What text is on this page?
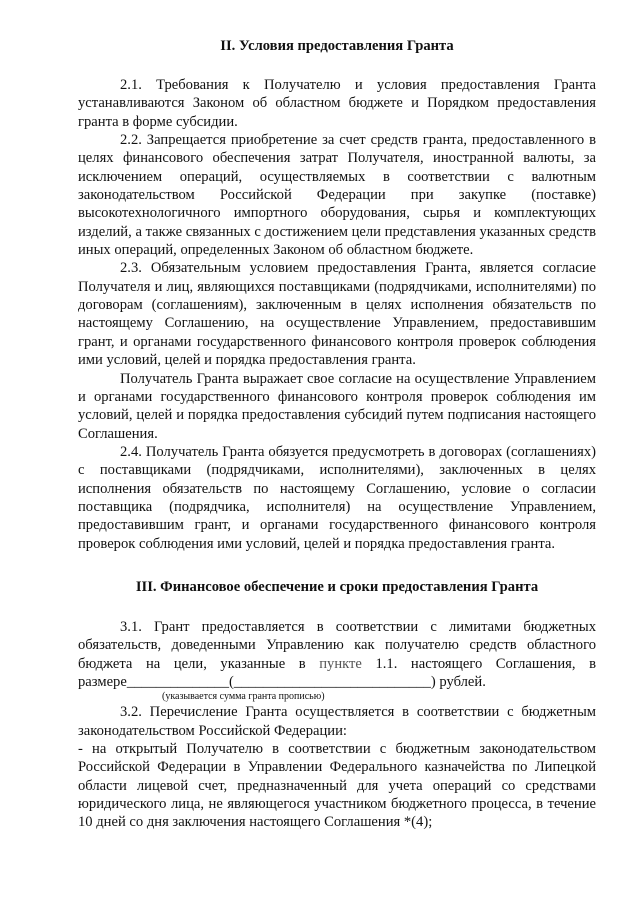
II. Условия предоставления Гранта

2.1. Требования к Получателю и условия предоставления Гранта устанавливаются Законом об областном бюджете и Порядком предоставления гранта в форме субсидии.

2.2. Запрещается приобретение за счет средств гранта, предоставленного в целях финансового обеспечения затрат Получателя, иностранной валюты, за исключением операций, осуществляемых в соответствии с валютным законодательством Российской Федерации при закупке (поставке) высокотехнологичного импортного оборудования, сырья и комплектующих изделий, а также связанных с достижением цели представления указанных средств иных операций, определенных Законом об областном бюджете.

2.3. Обязательным условием предоставления Гранта, является согласие Получателя и лиц, являющихся поставщиками (подрядчиками, исполнителями) по договорам (соглашениям), заключенным в целях исполнения обязательств по настоящему Соглашению, на осуществление Управлением, предоставившим грант, и органами государственного финансового контроля проверок соблюдения ими условий, целей и порядка предоставления гранта.

Получатель Гранта выражает свое согласие на осуществление Управлением и органами государственного финансового контроля проверок соблюдения им условий, целей и порядка предоставления субсидий путем подписания настоящего Соглашения.

2.4. Получатель Гранта обязуется предусмотреть в договорах (соглашениях) с поставщиками (подрядчиками, исполнителями), заключенных в целях исполнения обязательств по настоящему Соглашению, условие о согласии поставщика (подрядчика, исполнителя) на осуществление Управлением, предоставившим грант, и органами государственного финансового контроля проверок соблюдения ими условий, целей и порядка предоставления гранта.

III. Финансовое обеспечение и сроки предоставления Гранта

3.1. Грант предоставляется в соответствии с лимитами бюджетных обязательств, доведенными Управлению как получателю средств областного бюджета на цели, указанные в пункте 1.1. настоящего Соглашения, в размере______________(___________________________) рублей.

(указывается сумма гранта прописью)

3.2. Перечисление Гранта осуществляется в соответствии с бюджетным законодательством Российской Федерации:

- на открытый Получателю в соответствии с бюджетным законодательством Российской Федерации в Управлении Федерального казначейства по Липецкой области лицевой счет, предназначенный для учета операций со средствами юридического лица, не являющегося участником бюджетного процесса, в течение 10 дней со дня заключения настоящего Соглашения *(4);
